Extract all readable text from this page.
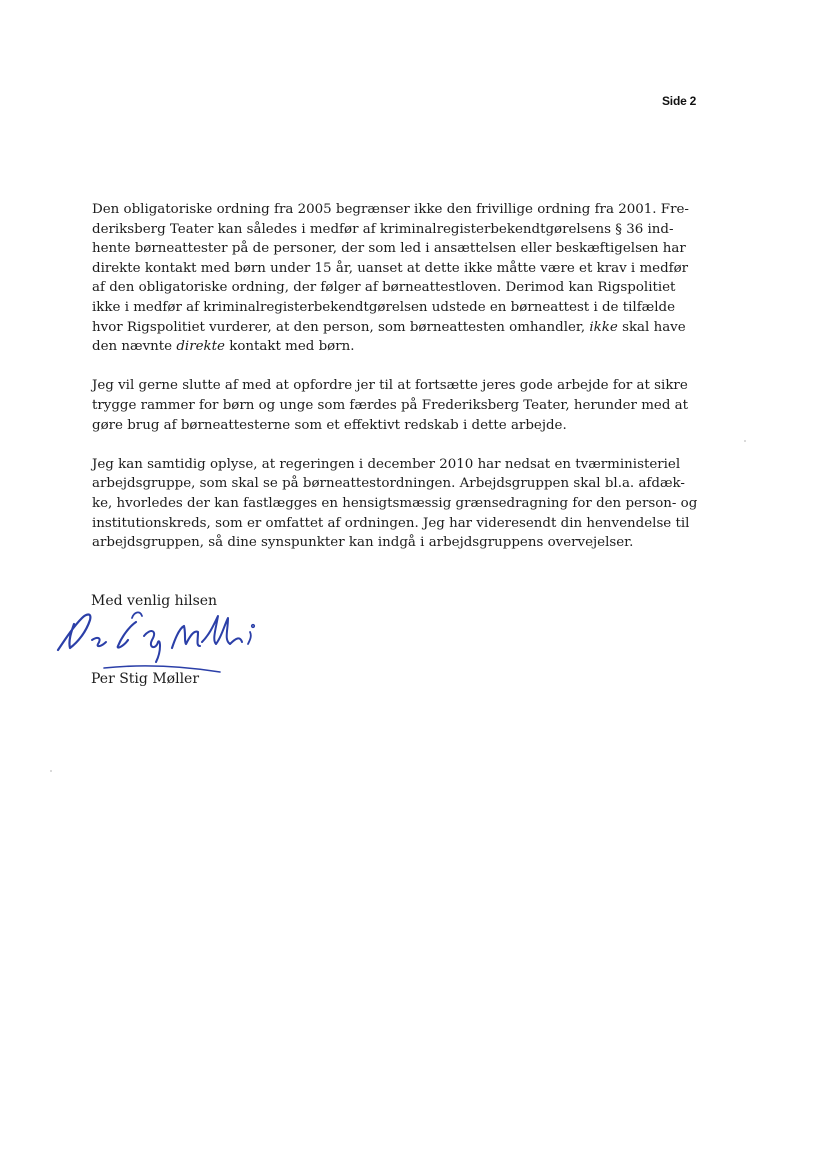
Side 2

Den obligatoriske ordning fra 2005 begrænser ikke den frivillige ordning fra 2001. Fre-
deriksberg Teater kan således i medfør af kriminalregisterbekendtgørelsens § 36 ind-
hente børneattester på de personer, der som led i ansættelsen eller beskæftigelsen har
direkte kontakt med børn under 15 år, uanset at dette ikke måtte være et krav i medfør
af den obligatoriske ordning, der følger af børneattestloven. Derimod kan Rigspolitiet
ikke i medfør af kriminalregisterbekendtgørelsen udstede en børneattest i de tilfælde
hvor Rigspolitiet vurderer, at den person, som børneattesten omhandler, ikke skal have
den nævnte direkte kontakt med børn.

Jeg vil gerne slutte af med at opfordre jer til at fortsætte jeres gode arbejde for at sikre
trygge rammer for børn og unge som færdes på Frederiksberg Teater, herunder med at
gøre brug af børneattesterne som et effektivt redskab i dette arbejde.

Jeg kan samtidig oplyse, at regeringen i december 2010 har nedsat en tværministeriel
arbejdsgruppe, som skal se på børneattestordningen. Arbejdsgruppen skal bl.a. afdæk-
ke, hvorledes der kan fastlægges en hensigtsmæssig grænsedragning for den person- og
institutionskreds, som er omfattet af ordningen. Jeg har videresendt din henvendelse til
arbejdsgruppen, så dine synspunkter kan indgå i arbejdsgruppens overvejelser.

Med venlig hilsen
Per Stig Møller
